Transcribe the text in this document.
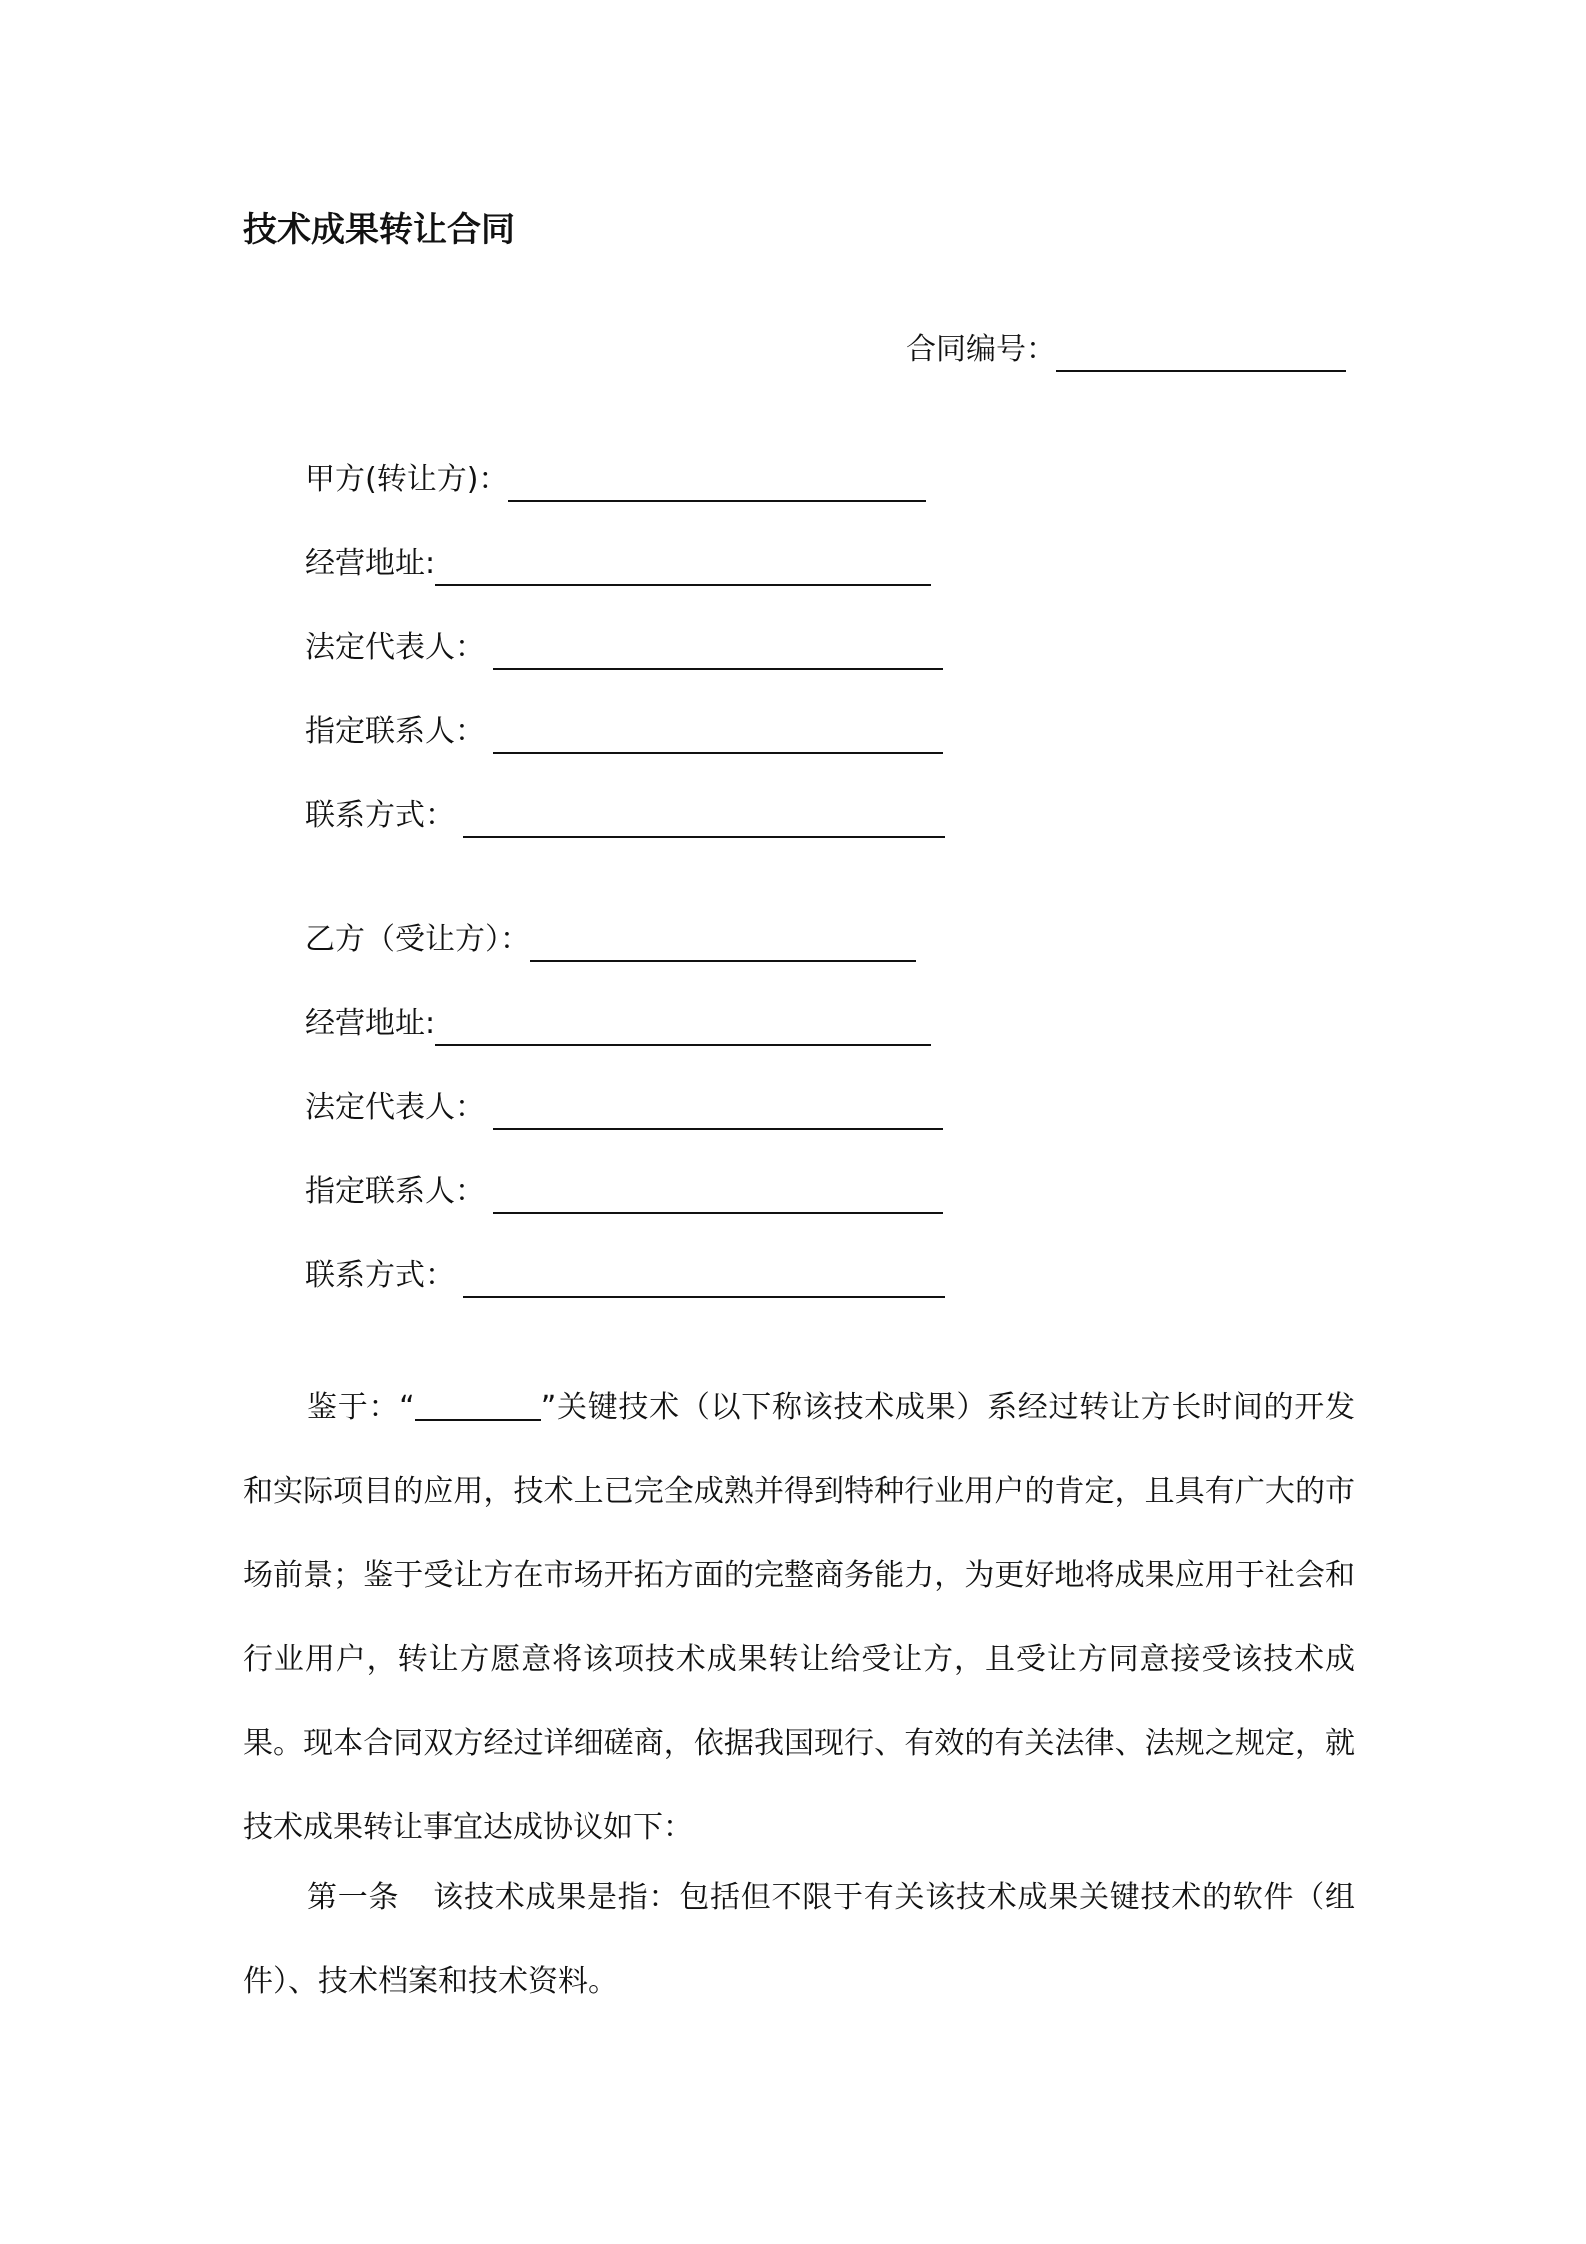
技术成果转让合同
合同编号：
甲方(转让方)：
经营地址:
法定代表人：
指定联系人：
联系方式：
乙方（受让方）：
经营地址:
法定代表人：
指定联系人：
联系方式：

鉴于：“	”关键技术（以下称该技术成果）系经过转让方长时间的开发和实际项目的应用，技术上已完全成熟并得到特种行业用户的肯定，且具有广大的市场前景；鉴于受让方在市场开拓方面的完整商务能力，为更好地将成果应用于社会和行业用户，转让方愿意将该项技术成果转让给受让方，且受让方同意接受该技术成果。现本合同双方经过详细磋商，依据我国现行、有效的有关法律、法规之规定，就技术成果转让事宜达成协议如下：

第一条 该技术成果是指：包括但不限于有关该技术成果关键技术的软件（组件）、技术档案和技术资料。
